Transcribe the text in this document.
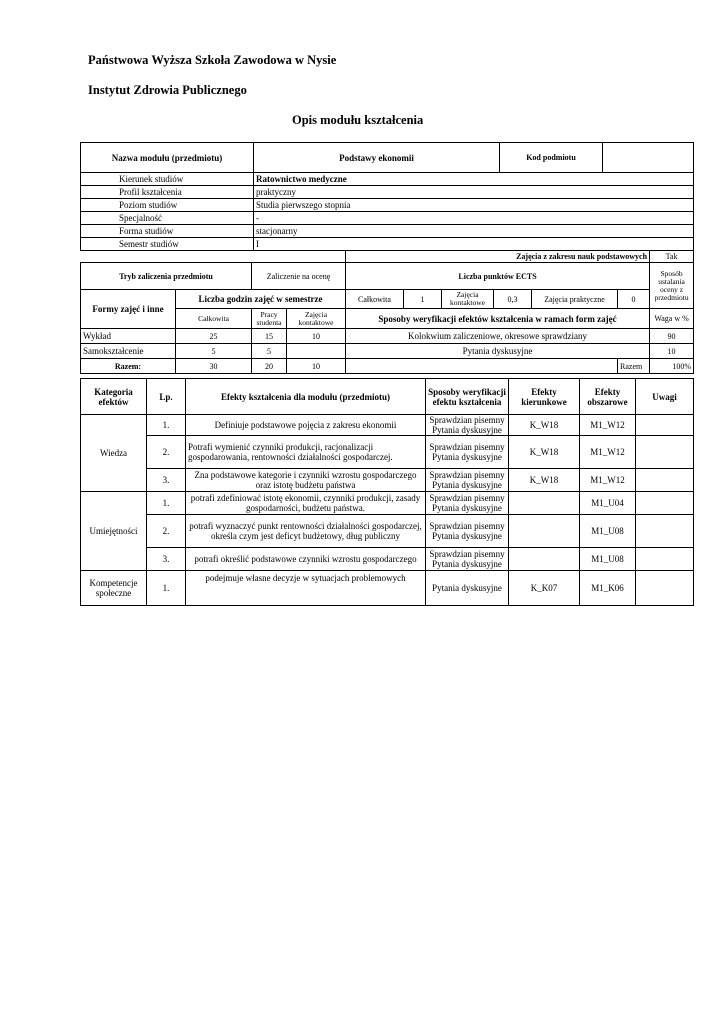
Państwowa Wyższa Szkoła Zawodowa w Nysie
Instytut Zdrowia Publicznego
Opis modułu kształcenia
Nazwa modułu (przedmiotu)	Podstawy ekonomii	Kod podmiotu	
Kierunek studiów	Ratownictwo medyczne
Profil kształcenia	praktyczny
Poziom studiów	Studia pierwszego stopnia
Specjalność	-
Forma studiów	stacjonarny
Semestr studiów	I
				Zajęcia z zakresu nauk podstawowych						Tak
Tryb zaliczenia przedmiotu		Zaliczenie na ocenę		Liczba punktów ECTS						Sposób ustalania oceny z przedmiotu
Formy zajęć i inne	Liczba godzin zajęć w semestrze			Całkowita	1	Zajęcia kontaktowe	0,3	Zajęcia praktyczne	0	
	Całkowita	Pracy studenta	Zajęcia kontaktowe	Sposoby weryfikacji efektów kształcenia w ramach form zajęć						Waga w %
Wykład	25	15	10	Kolokwium zaliczeniowe, okresowe sprawdziany						90
Samokształcenie	5	5		Pytania dyskusyjne						10
Razem:	30	20	10						Razem	100%
Kategoria efektów	Lp.	Efekty kształcenia dla modułu (przedmiotu)	Sposoby weryfikacji efektu kształcenia	Efekty kierunkowe	Efekty obszarowe	Uwagi
Wiedza	1.	Definiuje podstawowe pojęcia z zakresu ekonomii	Sprawdzian pisemny Pytania dyskusyjne	K_W18	M1_W12	
	2.	Potrafi wymienić czynniki produkcji, racjonalizacji gospodarowania, rentowności działalności gospodarczej.	Sprawdzian pisemny Pytania dyskusyjne	K_W18	M1_W12	
	3.	Zna podstawowe kategorie i czynniki wzrostu gospodarczego oraz istotę budżetu państwa	Sprawdzian pisemny Pytania dyskusyjne	K_W18	M1_W12	
Umiejętności	1.	potrafi zdefiniować istotę ekonomii, czynniki produkcji, zasady gospodarności, budżetu państwa.	Sprawdzian pisemny Pytania dyskusyjne		M1_U04	
	2.	potrafi wyznaczyć punkt rentowności działalności gospodarczej, określa czym jest deficyt budżetowy, dług publiczny	Sprawdzian pisemny Pytania dyskusyjne		M1_U08	
	3.	potrafi określić podstawowe czynniki wzrostu gospodarczego	Sprawdzian pisemny Pytania dyskusyjne		M1_U08	
Kompetencje społeczne	1.	podejmuje własne decyzje w sytuacjach problemowych	Pytania dyskusyjne	K_K07	M1_K06	
